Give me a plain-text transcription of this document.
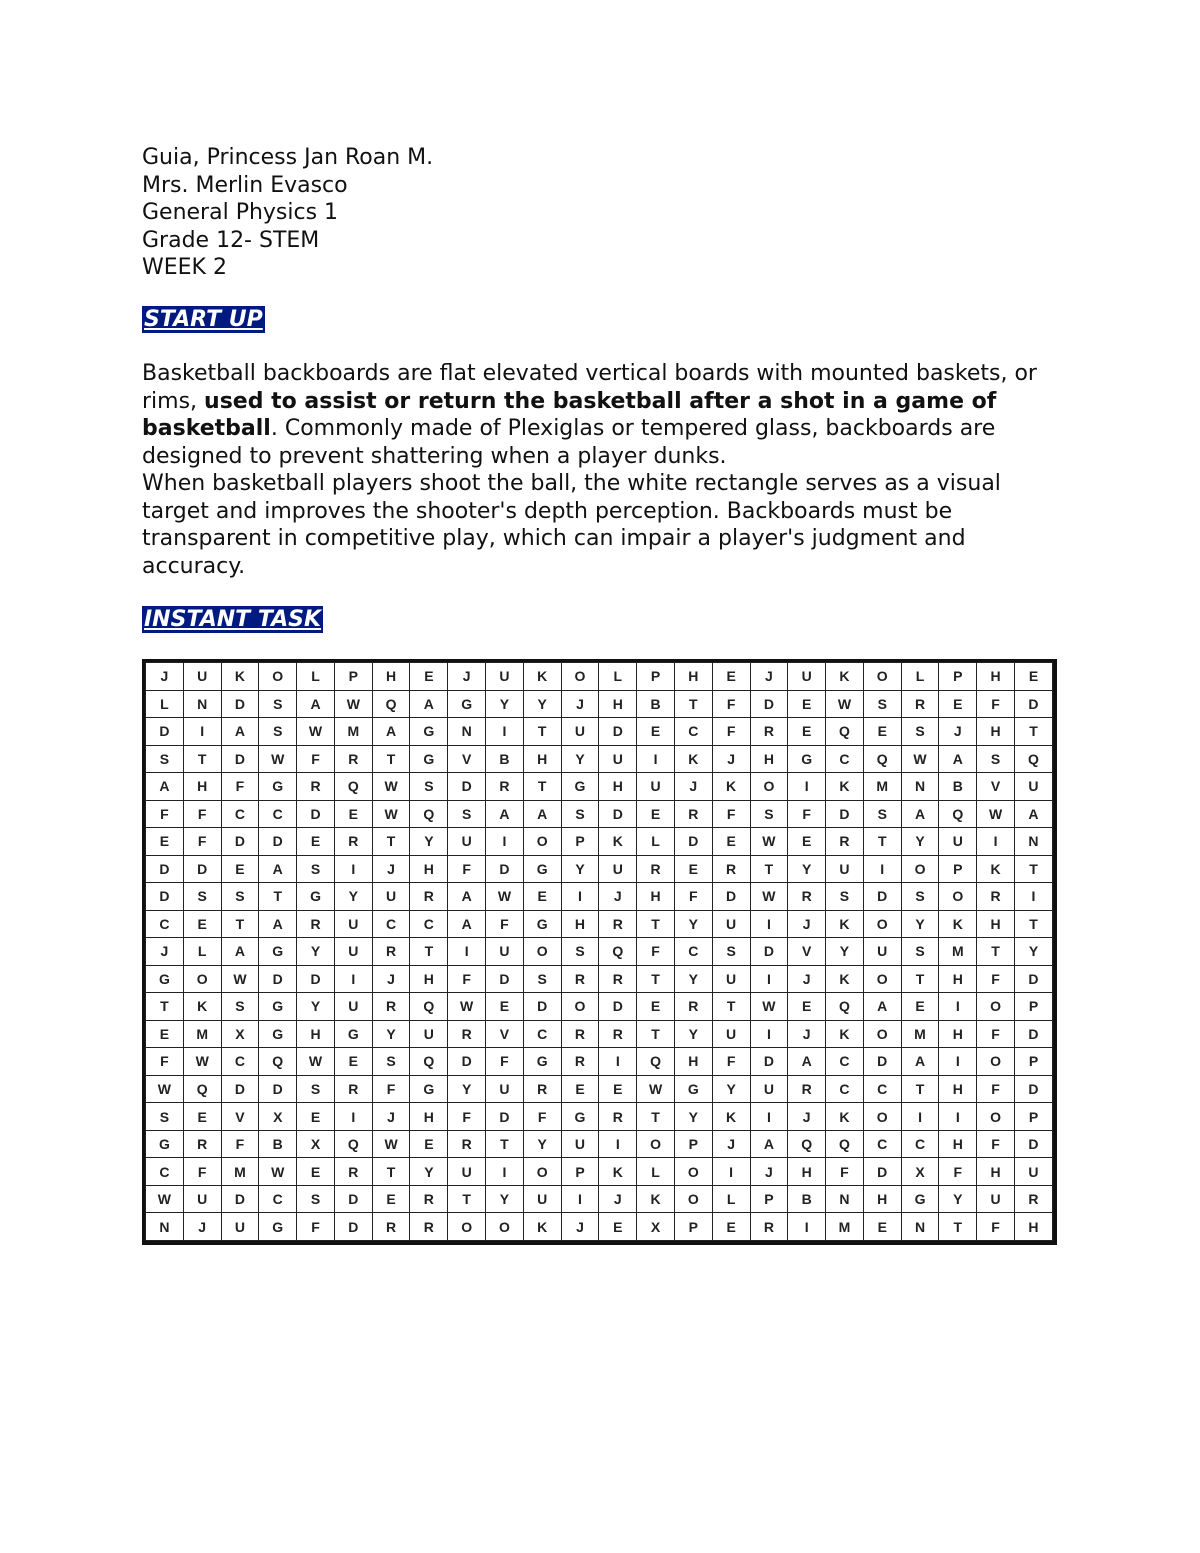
Guia, Princess Jan Roan M.
Mrs. Merlin Evasco
General Physics 1
Grade 12- STEM
WEEK 2
START UP
Basketball backboards are flat elevated vertical boards with mounted baskets, or rims, used to assist or return the basketball after a shot in a game of basketball. Commonly made of Plexiglas or tempered glass, backboards are designed to prevent shattering when a player dunks.
When basketball players shoot the ball, the white rectangle serves as a visual target and improves the shooter's depth perception. Backboards must be transparent in competitive play, which can impair a player's judgment and accuracy.
INSTANT TASK
J	U	K	O	L	P	H	E	J	U	K	O	L	P	H	E	J	U	K	O	L	P	H	E
L	N	D	S	A	W	Q	A	G	Y	Y	J	H	B	T	F	D	E	W	S	R	E	F	D
D	I	A	S	W	M	A	G	N	I	T	U	D	E	C	F	R	E	Q	E	S	J	H	T
S	T	D	W	F	R	T	G	V	B	H	Y	U	I	K	J	H	G	C	Q	W	A	S	Q
A	H	F	G	R	Q	W	S	D	R	T	G	H	U	J	K	O	I	K	M	N	B	V	U
F	F	C	C	D	E	W	Q	S	A	A	S	D	E	R	F	S	F	D	S	A	Q	W	A
E	F	D	D	E	R	T	Y	U	I	O	P	K	L	D	E	W	E	R	T	Y	U	I	N
D	D	E	A	S	I	J	H	F	D	G	Y	U	R	E	R	T	Y	U	I	O	P	K	T
D	S	S	T	G	Y	U	R	A	W	E	I	J	H	F	D	W	R	S	D	S	O	R	I
C	E	T	A	R	U	C	C	A	F	G	H	R	T	Y	U	I	J	K	O	Y	K	H	T
J	L	A	G	Y	U	R	T	I	U	O	S	Q	F	C	S	D	V	Y	U	S	M	T	Y
G	O	W	D	D	I	J	H	F	D	S	R	R	T	Y	U	I	J	K	O	T	H	F	D
T	K	S	G	Y	U	R	Q	W	E	D	O	D	E	R	T	W	E	Q	A	E	I	O	P
E	M	X	G	H	G	Y	U	R	V	C	R	R	T	Y	U	I	J	K	O	M	H	F	D
F	W	C	Q	W	E	S	Q	D	F	G	R	I	Q	H	F	D	A	C	D	A	I	O	P
W	Q	D	D	S	R	F	G	Y	U	R	E	E	W	G	Y	U	R	C	C	T	H	F	D
S	E	V	X	E	I	J	H	F	D	F	G	R	T	Y	K	I	J	K	O	I	I	O	P
G	R	F	B	X	Q	W	E	R	T	Y	U	I	O	P	J	A	Q	Q	C	C	H	F	D
C	F	M	W	E	R	T	Y	U	I	O	P	K	L	O	I	J	H	F	D	X	F	H	U
W	U	D	C	S	D	E	R	T	Y	U	I	J	K	O	L	P	B	N	H	G	Y	U	R
N	J	U	G	F	D	R	R	O	O	K	J	E	X	P	E	R	I	M	E	N	T	F	H
